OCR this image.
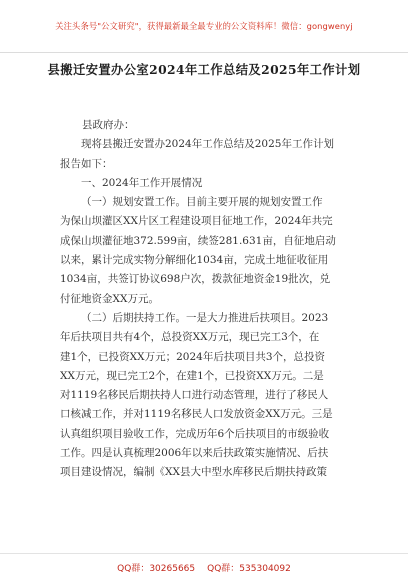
关注头条号"公文研究"，获得最新最全最专业的公文资料库！微信：gongwenyj
县搬迁安置办公室2024年工作总结及2025年工作计划
县政府办：
现将县搬迁安置办2024年工作总结及2025年工作计划
报告如下：
一、2024年工作开展情况
（一）规划安置工作。目前主要开展的规划安置工作
为保山坝灌区XX片区工程建设项目征地工作，2024年共完
成保山坝灌征地372.599亩，续签281.631亩，自征地启动
以来，累计完成实物分解细化1034亩，完成土地征收征用
1034亩，共签订协议698户次，拨款征地资金19批次，兑
付征地资金XX万元。
（二）后期扶持工作。一是大力推进后扶项目。2023
年后扶项目共有4个，总投资XX万元，现已完工3个，在
建1个，已投资XX万元；2024年后扶项目共3个，总投资
XX万元，现已完工2个，在建1个，已投资XX万元。二是
对1119名移民后期扶持人口进行动态管理，进行了移民人
口核减工作，并对1119名移民人口发放资金XX万元。三是
认真组织项目验收工作，完成历年6个后扶项目的市级验收
工作。四是认真梳理2006年以来后扶政策实施情况、后扶
项目建设情况，编制《XX县大中型水库移民后期扶持政策
QQ群：30265665 QQ群：535304092
